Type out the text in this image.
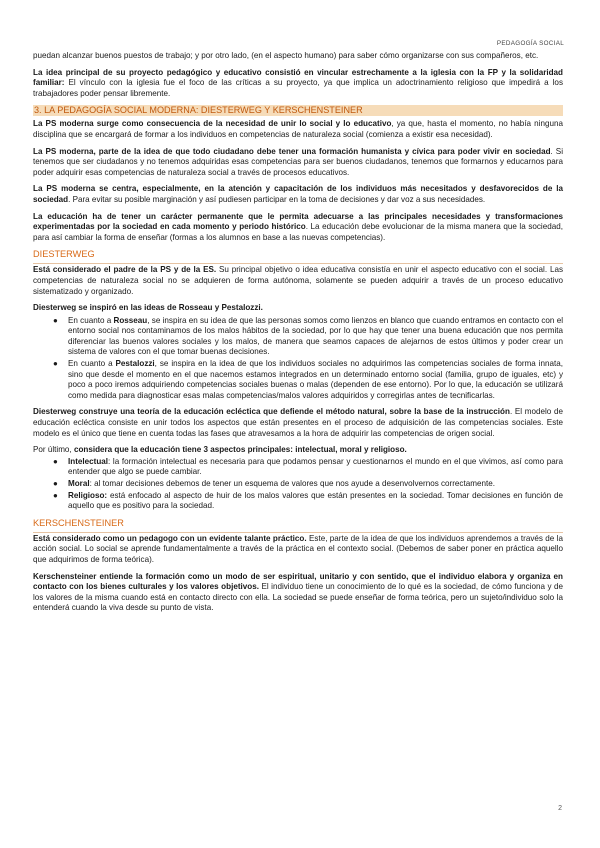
PEDAGOGÍA SOCIAL

puedan alcanzar buenos puestos de trabajo; y por otro lado, (en el aspecto humano) para saber cómo organizarse con sus compañeros, etc.

La idea principal de su proyecto pedagógico y educativo consistió en vincular estrechamente a la iglesia con la FP y la solidaridad familiar: El vínculo con la iglesia fue el foco de las críticas a su proyecto, ya que implica un adoctrinamiento religioso que impedirá a los trabajadores poder pensar libremente.

3. LA PEDAGOGÍA SOCIAL MODERNA: DIESTERWEG Y KERSCHENSTEINER

La PS moderna surge como consecuencia de la necesidad de unir lo social y lo educativo, ya que, hasta el momento, no había ninguna disciplina que se encargará de formar a los individuos en competencias de naturaleza social (comienza a existir esa necesidad).

La PS moderna, parte de la idea de que todo ciudadano debe tener una formación humanista y cívica para poder vivir en sociedad. Si tenemos que ser ciudadanos y no tenemos adquiridas esas competencias para ser buenos ciudadanos, tenemos que formarnos y educarnos para poder adquirir esas competencias de naturaleza social a través de procesos educativos.

La PS moderna se centra, especialmente, en la atención y capacitación de los individuos más necesitados y desfavorecidos de la sociedad. Para evitar su posible marginación y así pudiesen participar en la toma de decisiones y dar voz a sus necesidades.

La educación ha de tener un carácter permanente que le permita adecuarse a las principales necesidades y transformaciones experimentadas por la sociedad en cada momento y periodo histórico. La educación debe evolucionar de la misma manera que la sociedad, para así cambiar la forma de enseñar (formas a los alumnos en base a las nuevas competencias).

DIESTERWEG

Está considerado el padre de la PS y de la ES. Su principal objetivo o idea educativa consistía en unir el aspecto educativo con el social. Las competencias de naturaleza social no se adquieren de forma autónoma, solamente se pueden adquirir a través de un proceso educativo sistematizado y organizado.

Diesterweg se inspiró en las ideas de Rosseau y Pestalozzi.

● En cuanto a Rosseau, se inspira en su idea de que las personas somos como lienzos en blanco que cuando entramos en contacto con el entorno social nos contaminamos de los malos hábitos de la sociedad, por lo que hay que tener una buena educación que nos permita diferenciar las buenos valores sociales y los malos, de manera que seamos capaces de alejarnos de estos últimos y poder crear un sistema de valores con el que tomar buenas decisiones.
● En cuanto a Pestalozzi, se inspira en la idea de que los individuos sociales no adquirimos las competencias sociales de forma innata, sino que desde el momento en el que nacemos estamos integrados en un determinado entorno social (familia, grupo de iguales, etc) y poco a poco iremos adquiriendo competencias sociales buenas o malas (dependen de ese entorno). Por lo que, la educación se utilizará como medida para diagnosticar esas malas competencias/malos valores adquiridos y corregirlas antes de tecnificarlas.

Diesterweg construye una teoría de la educación ecléctica que defiende el método natural, sobre la base de la instrucción. El modelo de educación ecléctica consiste en unir todos los aspectos que están presentes en el proceso de adquisición de las competencias sociales. Este modelo es el único que tiene en cuenta todas las fases que atravesamos a la hora de adquirir las competencias de origen social.

Por último, considera que la educación tiene 3 aspectos principales: intelectual, moral y religioso.

● Intelectual: la formación intelectual es necesaria para que podamos pensar y cuestionarnos el mundo en el que vivimos, así como para entender que algo se puede cambiar.
● Moral: al tomar decisiones debemos de tener un esquema de valores que nos ayude a desenvolvernos correctamente.
● Religioso: está enfocado al aspecto de huir de los malos valores que están presentes en la sociedad. Tomar decisiones en función de aquello que es positivo para la sociedad.
KERSCHENSTEINER

Está considerado como un pedagogo con un evidente talante práctico. Este, parte de la idea de que los individuos aprendemos a través de la acción social. Lo social se aprende fundamentalmente a través de la práctica en el contexto social. (Debemos de saber poner en práctica aquello que adquirimos de forma teórica).

Kerschensteiner entiende la formación como un modo de ser espiritual, unitario y con sentido, que el individuo elabora y organiza en contacto con los bienes culturales y los valores objetivos. El individuo tiene un conocimiento de lo qué es la sociedad, de cómo funciona y de los valores de la misma cuando está en contacto directo con ella. La sociedad se puede enseñar de forma teórica, pero un sujeto/individuo solo la entenderá cuando la viva desde su punto de vista.

2
